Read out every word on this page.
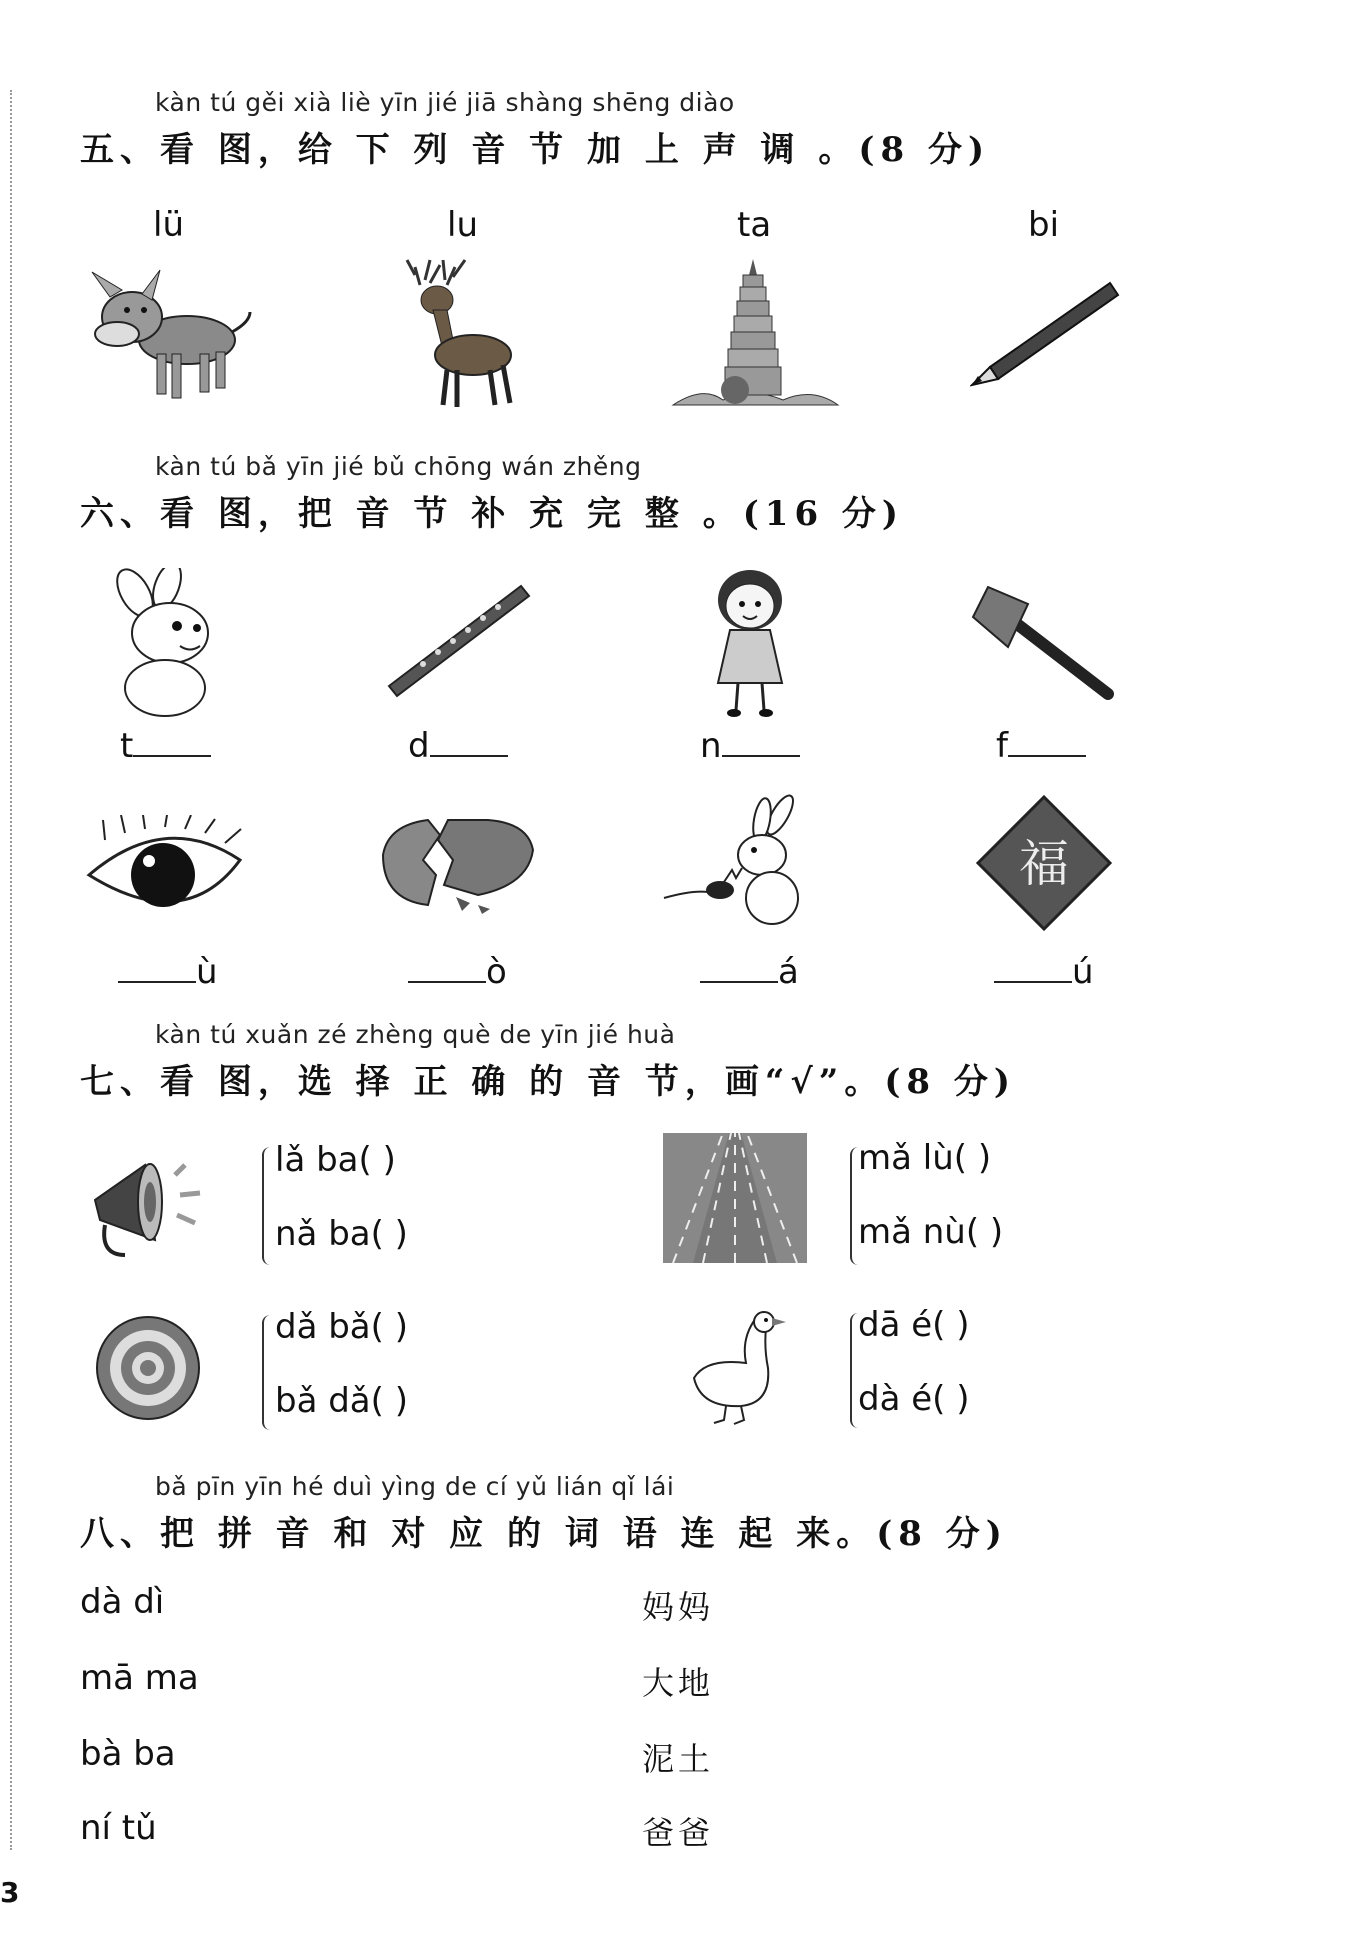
kàn tú gěi xià liè yīn jié jiā shàng shēng diào
五、看 图，给 下 列 音 节 加 上 声 调 。(8 分)
lü	lu	ta	bi
kàn tú bǎ yīn jié bǔ chōng wán zhěng
六、看 图，把 音 节 补 充 完 整 。(16 分)
t	d	n	f
福
ù	ò	á	ú
kàn tú xuǎn zé zhèng què de yīn jié huà
七、看 图，选 择 正 确 的 音 节，画“√”。(8 分)
lǎ ba( )
nǎ ba( )
mǎ lù( )
mǎ nù( )
dǎ bǎ( )
bǎ dǎ( )
dā é( )
dà é( )
bǎ pīn yīn hé duì yìng de cí yǔ lián qǐ lái
八、把 拼 音 和 对 应 的 词 语 连 起 来。(8 分)
dà dì
mā ma
bà ba
ní tǔ
妈妈
大地
泥土
爸爸
3
